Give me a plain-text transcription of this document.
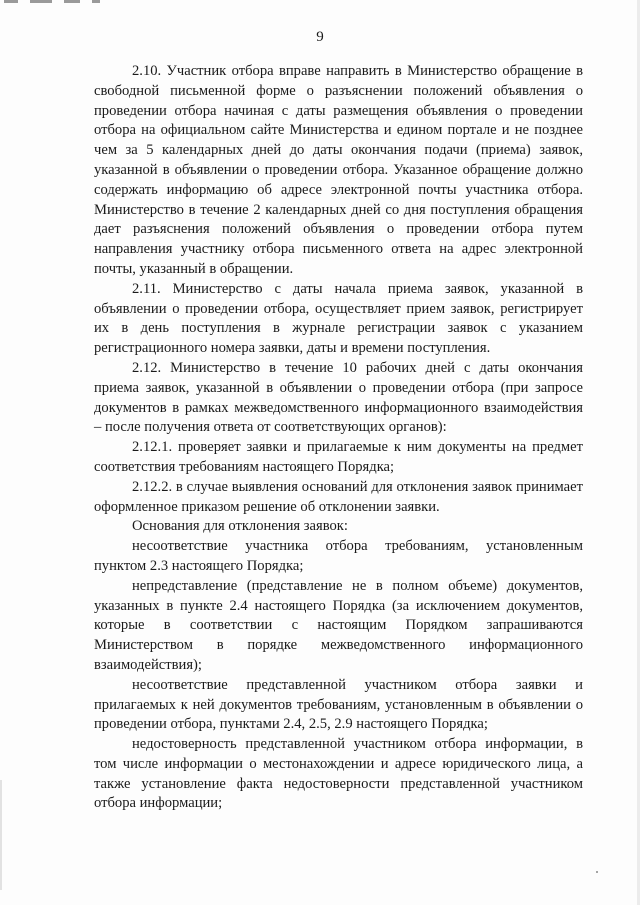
9

2.10. Участник отбора вправе направить в Министерство обращение в свободной письменной форме о разъяснении положений объявления о проведении отбора начиная с даты размещения объявления о проведении отбора на официальном сайте Министерства и едином портале и не позднее чем за 5 календарных дней до даты окончания подачи (приема) заявок, указанной в объявлении о проведении отбора. Указанное обращение должно содержать информацию об адресе электронной почты участника отбора. Министерство в течение 2 календарных дней со дня поступления обращения дает разъяснения положений объявления о проведении отбора путем направления участнику отбора письменного ответа на адрес электронной почты, указанный в обращении.

2.11. Министерство с даты начала приема заявок, указанной в объявлении о проведении отбора, осуществляет прием заявок, регистрирует их в день поступления в журнале регистрации заявок с указанием регистрационного номера заявки, даты и времени поступления.

2.12. Министерство в течение 10 рабочих дней с даты окончания приема заявок, указанной в объявлении о проведении отбора (при запросе документов в рамках межведомственного информационного взаимодействия – после получения ответа от соответствующих органов):

2.12.1. проверяет заявки и прилагаемые к ним документы на предмет соответствия требованиям настоящего Порядка;

2.12.2. в случае выявления оснований для отклонения заявок принимает оформленное приказом решение об отклонении заявки.

Основания для отклонения заявок:

несоответствие участника отбора требованиям, установленным пунктом 2.3 настоящего Порядка;

непредставление (представление не в полном объеме) документов, указанных в пункте 2.4 настоящего Порядка (за исключением документов, которые в соответствии с настоящим Порядком запрашиваются Министерством в порядке межведомственного информационного взаимодействия);

несоответствие представленной участником отбора заявки и прилагаемых к ней документов требованиям, установленным в объявлении о проведении отбора, пунктами 2.4, 2.5, 2.9 настоящего Порядка;

недостоверность представленной участником отбора информации, в том числе информации о местонахождении и адресе юридического лица, а также установление факта недостоверности представленной участником отбора информации;
